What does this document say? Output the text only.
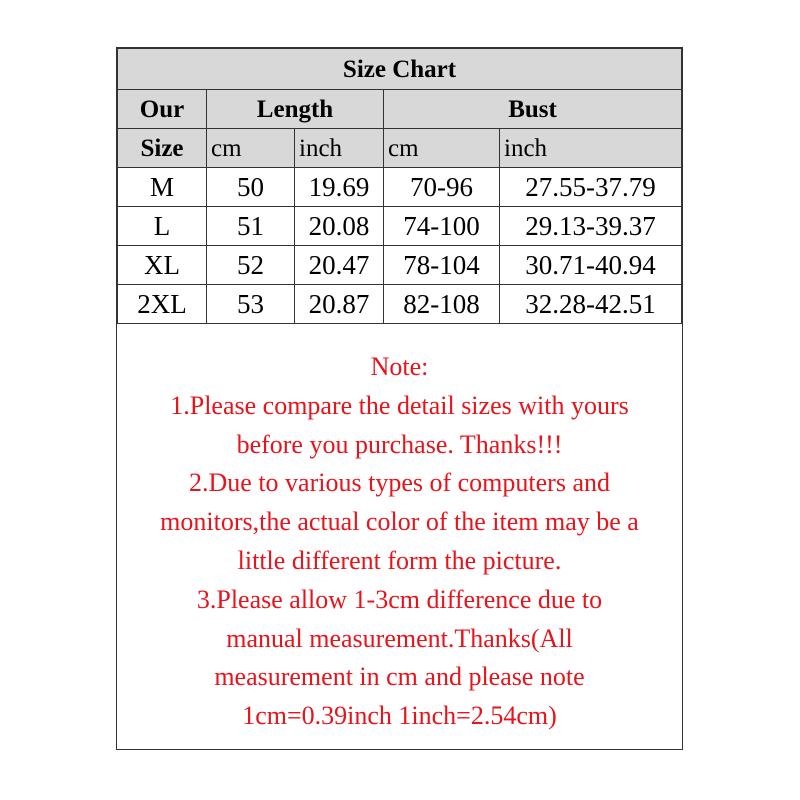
Size Chart				
Our	Length		Bust	
Size	cm	inch	cm	inch
M	50	19.69	70-96	27.55-37.79
L	51	20.08	74-100	29.13-39.37
XL	52	20.47	78-104	30.71-40.94
2XL	53	20.87	82-108	32.28-42.51
Note:
1.Please compare the detail sizes with yours
before you purchase. Thanks!!!
2.Due to various types of computers and
monitors,the actual color of the item may be a
little different form the picture.
3.Please allow 1-3cm difference due to
manual measurement.Thanks(All
measurement in cm and please note
1cm=0.39inch 1inch=2.54cm)
